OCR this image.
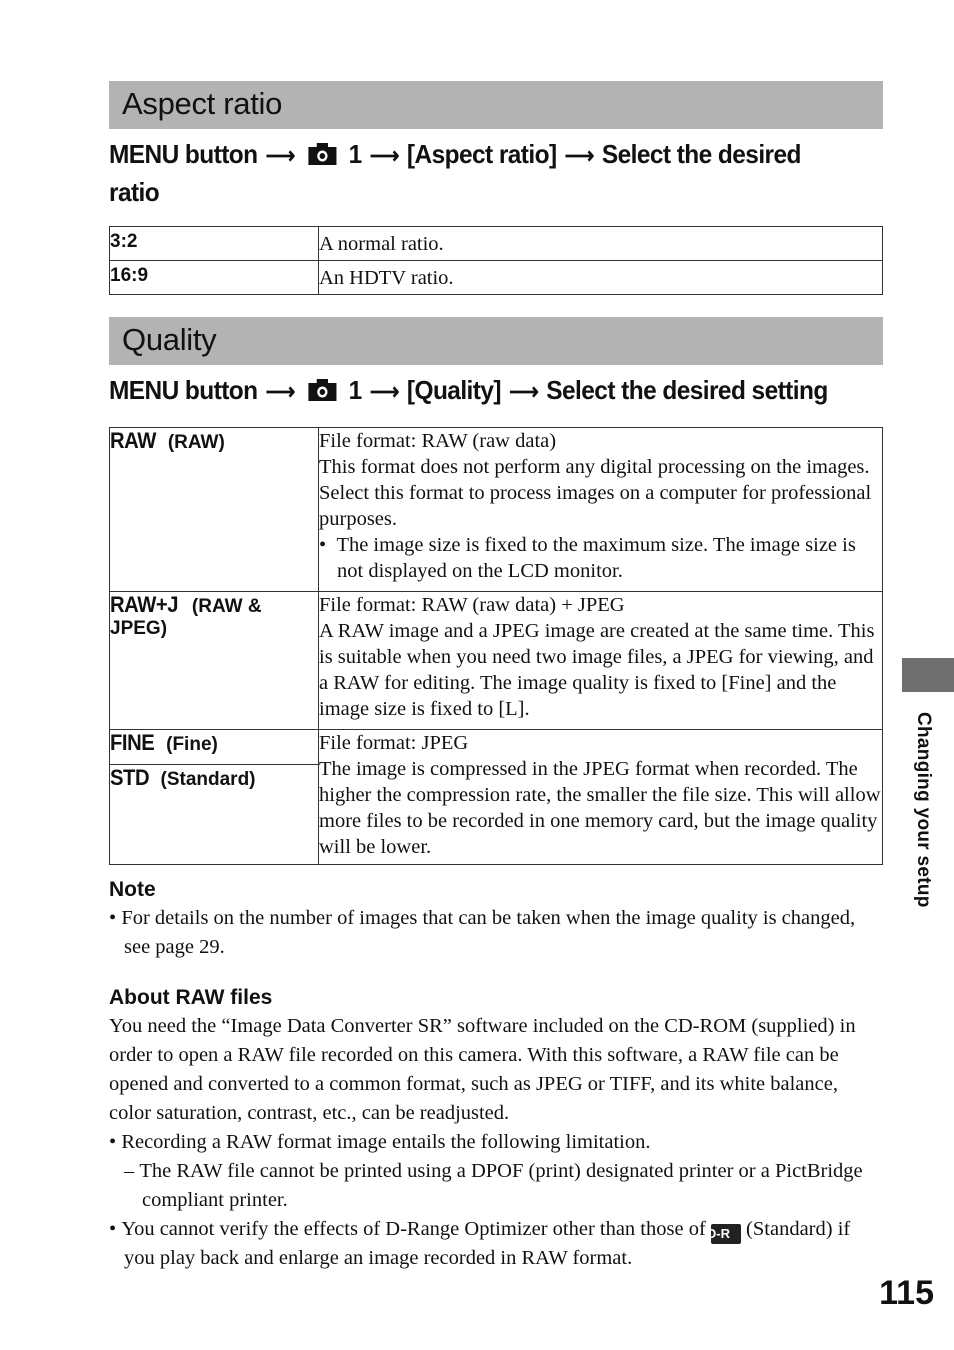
Aspect ratio
MENU button ⟶ 1 ⟶ [Aspect ratio] ⟶ Select the desired
ratio
3:2	A normal ratio.
16:9	An HDTV ratio.
Quality
MENU button ⟶ 1 ⟶ [Quality] ⟶ Select the desired setting
RAW (RAW)	File format: RAW (raw data)
This format does not perform any digital processing on the images. Select this format to process images on a computer for professional purposes.
•  The image size is fixed to the maximum size. The image size is not displayed on the LCD monitor.

RAW+J (RAW & JPEG)	File format: RAW (raw data) + JPEG
A RAW image and a JPEG image are created at the same time. This is suitable when you need two image files, a JPEG for viewing, and a RAW for editing. The image quality is fixed to [Fine] and the image size is fixed to [L].

FINE (Fine)	File format: JPEG
The image is compressed in the JPEG format when recorded. The higher the compression rate, the smaller the file size. This will allow more files to be recorded in one memory card, but the image quality will be lower.

STD (Standard)	
Note
• For details on the number of images that can be taken when the image quality is changed, see page 29.
About RAW files
You need the “Image Data Converter SR” software included on the CD-ROM (supplied) in order to open a RAW file recorded on this camera. With this software, a RAW file can be opened and converted to a common format, such as JPEG or TIFF, and its white balance, color saturation, contrast, etc., can be readjusted.
• Recording a RAW format image entails the following limitation.
– The RAW file cannot be printed using a DPOF (print) designated printer or a PictBridge compliant printer.
• You cannot verify the effects of D-Range Optimizer other than those of D-R (Standard) if you play back and enlarge an image recorded in RAW format.
Changing your setup
115
